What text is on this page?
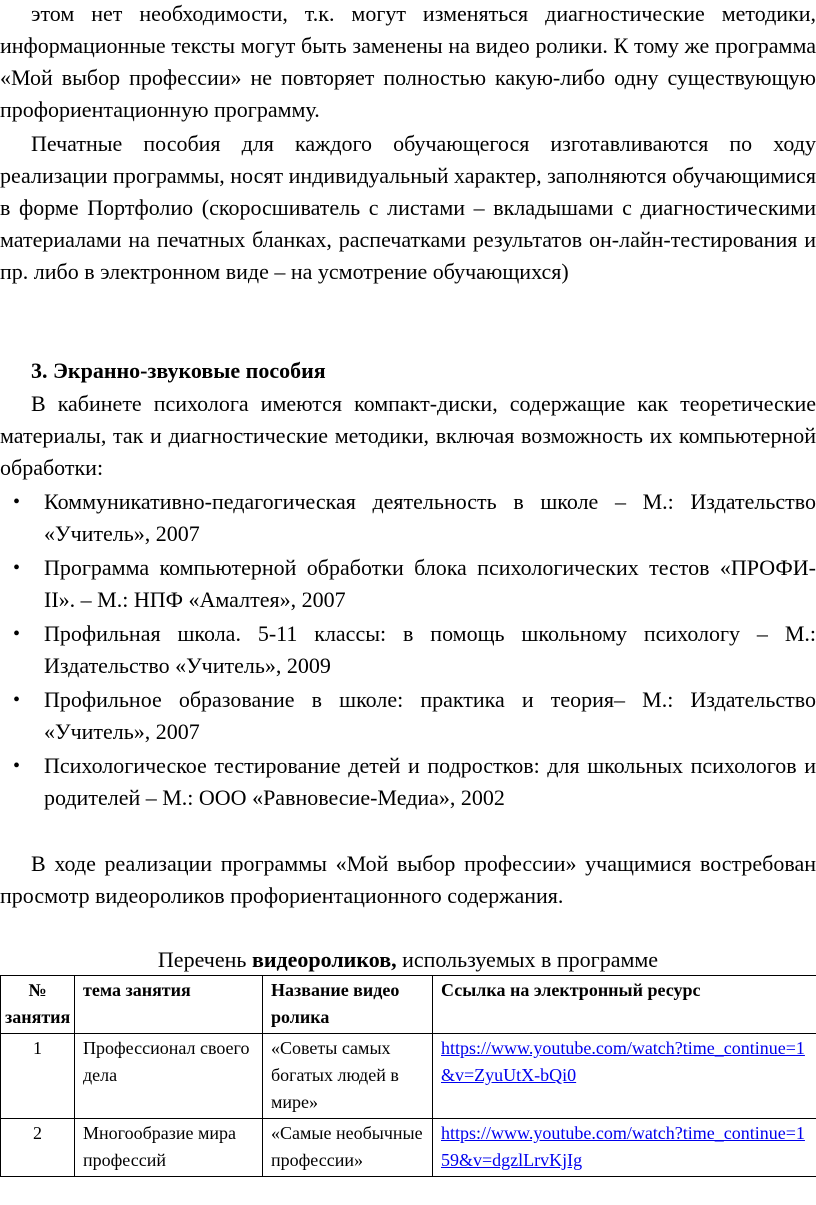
этом нет необходимости, т.к. могут изменяться диагностические методики, информационные тексты могут быть заменены на видео ролики. К тому же программа «Мой выбор профессии» не повторяет полностью какую-либо одну существующую профориентационную программу.

Печатные пособия для каждого обучающегося изготавливаются по ходу реализации программы, носят индивидуальный характер, заполняются обучающимися в форме Портфолио (скоросшиватель с листами – вкладышами с диагностическими материалами на печатных бланках, распечатками результатов он-лайн-тестирования и пр. либо в электронном виде – на усмотрение обучающихся)

3. Экранно-звуковые пособия

В кабинете психолога имеются компакт-диски, содержащие как теоретические материалы, так и диагностические методики, включая возможность их компьютерной обработки:

• Коммуникативно-педагогическая деятельность в школе – М.: Издательство «Учитель», 2007
• Программа компьютерной обработки блока психологических тестов «ПРОФИ-II». – М.: НПФ «Амалтея», 2007
• Профильная школа. 5-11 классы: в помощь школьному психологу – М.: Издательство «Учитель», 2009
• Профильное образование в школе: практика и теория– М.: Издательство «Учитель», 2007
• Психологическое тестирование детей и подростков: для школьных психологов и родителей – М.: ООО «Равновесие-Медиа», 2002

В ходе реализации программы «Мой выбор профессии» учащимися востребован просмотр видеороликов профориентационного содержания.

Перечень видеороликов, используемых в программе

№ занятия	тема занятия	Название видео ролика	Ссылка на электронный ресурс
1	Профессионал своего дела	«Советы самых богатых людей в мире»	https://www.youtube.com/watch?time_continue=1&v=ZyuUtX-bQi0
2	Многообразие мира профессий	«Самые необычные профессии»	https://www.youtube.com/watch?time_continue=159&v=dgzlLrvKjIg
